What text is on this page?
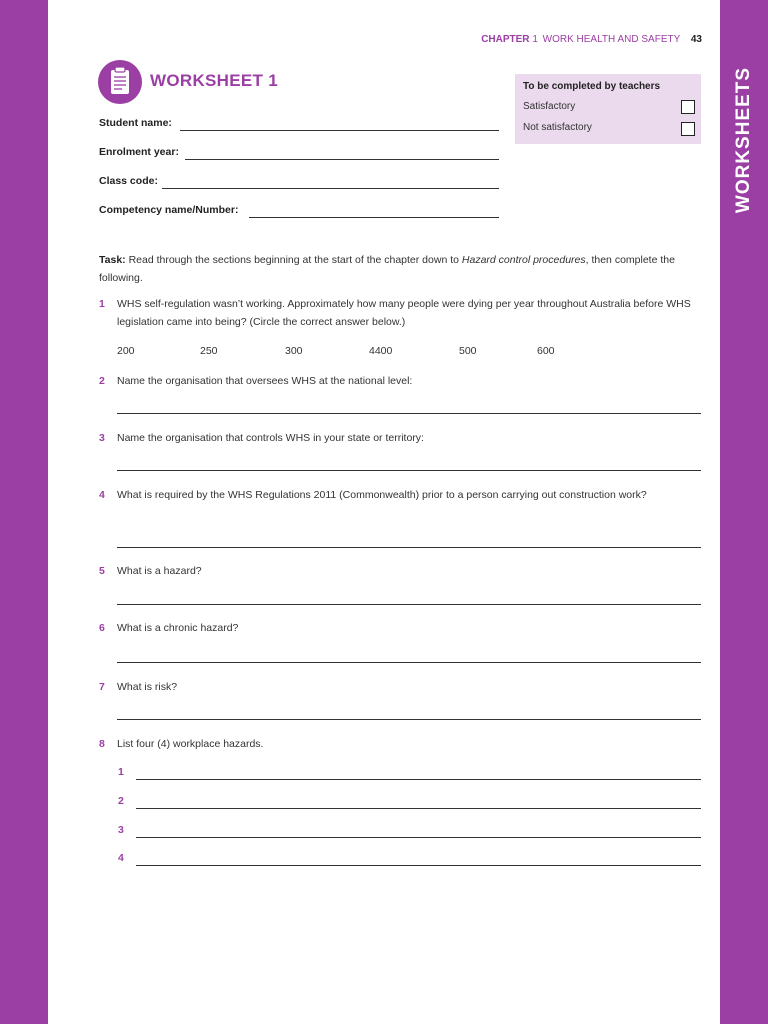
WORKSHEETS
CHAPTER 1 WORK HEALTH AND SAFETY 43
WORKSHEET 1	To be completed by teachers
Satisfactory
Not satisfactory
Student name:
Enrolment year:
Class code:
Competency name/Number:
Task: Read through the sections beginning at the start of the chapter down to Hazard control procedures, then complete the following.
1 WHS self-regulation wasn’t working. Approximately how many people were dying per year throughout Australia before WHS legislation came into being? (Circle the correct answer below.)
200	250	300	4400	500	600
2 Name the organisation that oversees WHS at the national level:
3 Name the organisation that controls WHS in your state or territory:
4 What is required by the WHS Regulations 2011 (Commonwealth) prior to a person carrying out construction work?
5 What is a hazard?
6 What is a chronic hazard?
7 What is risk?
8 List four (4) workplace hazards.
1
2
3
4
